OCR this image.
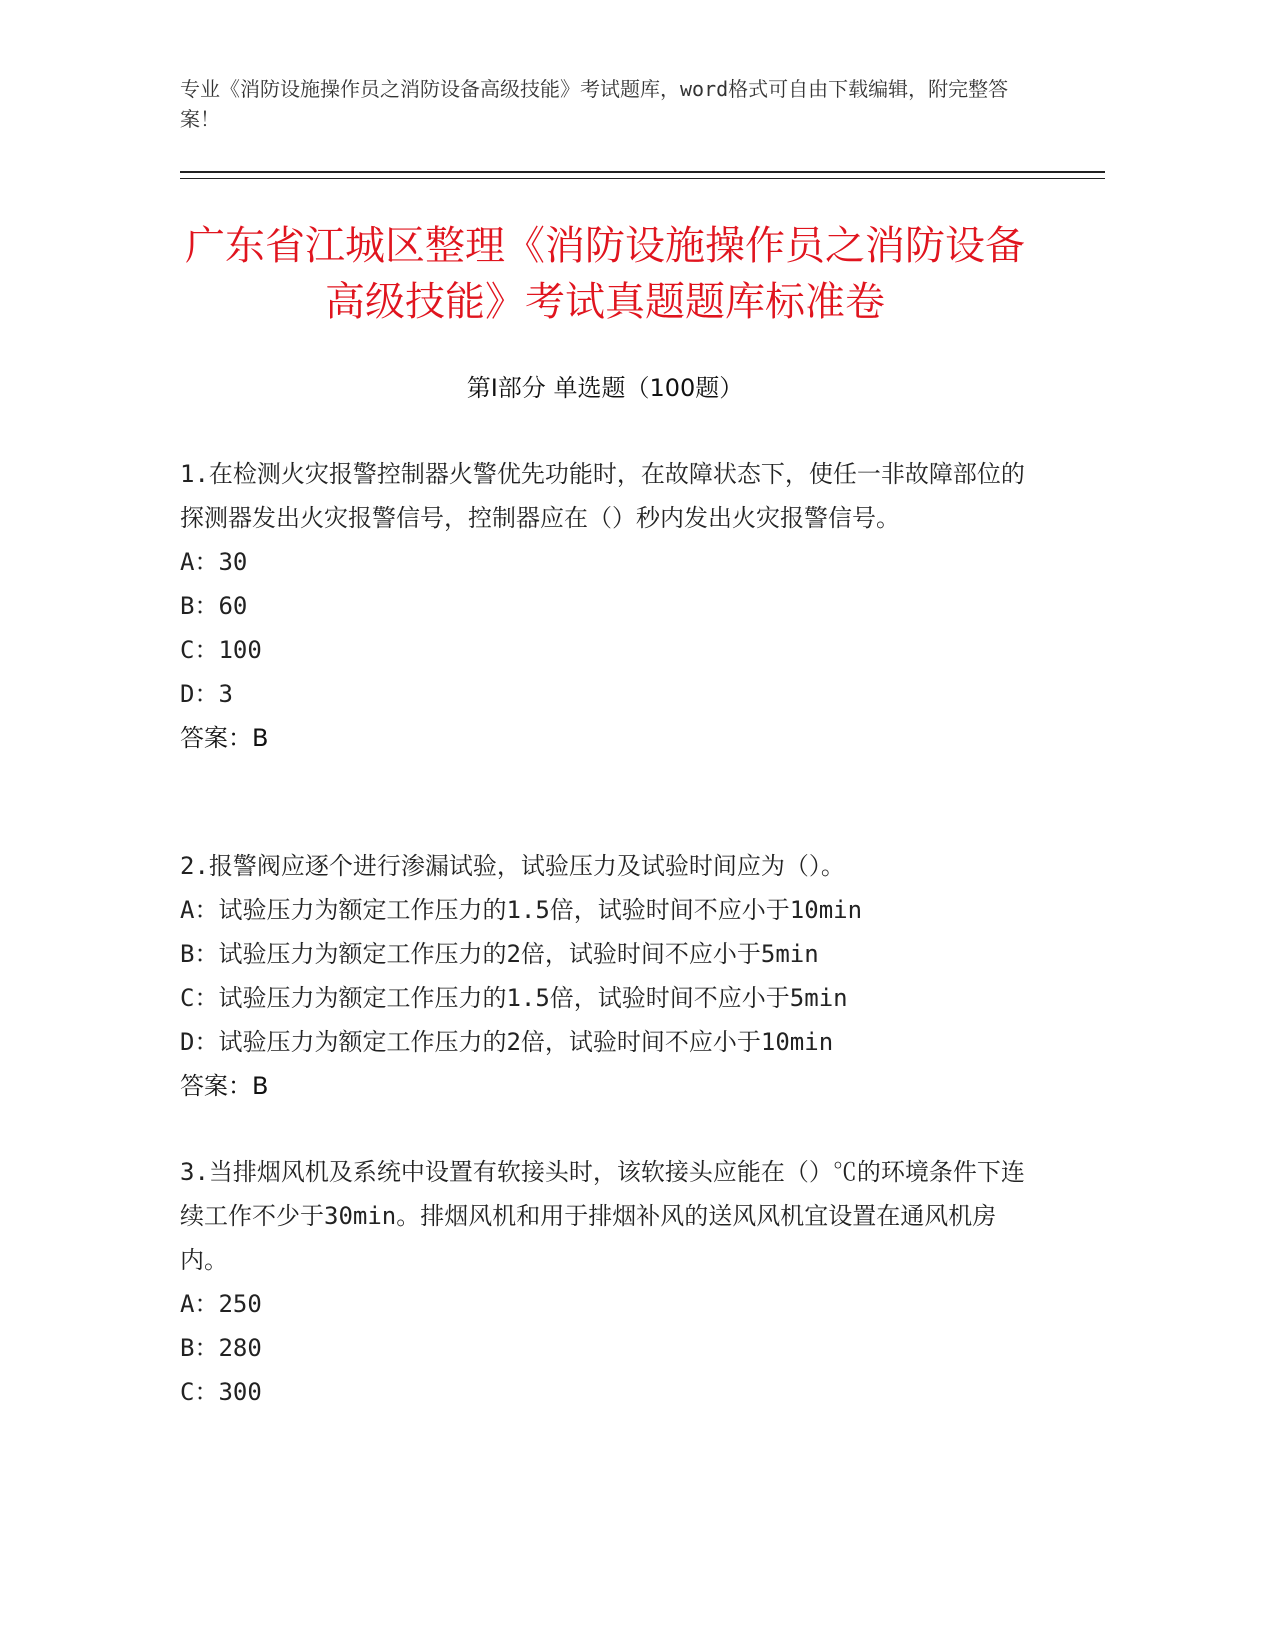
专业《消防设施操作员之消防设备高级技能》考试题库，word格式可自由下载编辑，附完整答案！
广东省江城区整理《消防设施操作员之消防设备高级技能》考试真题题库标准卷
第Ⅰ部分 单选题（100题）

1.在检测火灾报警控制器火警优先功能时，在故障状态下，使任一非故障部位的探测器发出火灾报警信号，控制器应在（）秒内发出火灾报警信号。

A：30

B：60

C：100

D：3

答案：B

2.报警阀应逐个进行渗漏试验，试验压力及试验时间应为（）。

A：试验压力为额定工作压力的1.5倍，试验时间不应小于10min

B：试验压力为额定工作压力的2倍，试验时间不应小于5min

C：试验压力为额定工作压力的1.5倍，试验时间不应小于5min

D：试验压力为额定工作压力的2倍，试验时间不应小于10min

答案：B

3.当排烟风机及系统中设置有软接头时，该软接头应能在（）℃的环境条件下连续工作不少于30min。排烟风机和用于排烟补风的送风风机宜设置在通风机房内。

A：250

B：280

C：300
